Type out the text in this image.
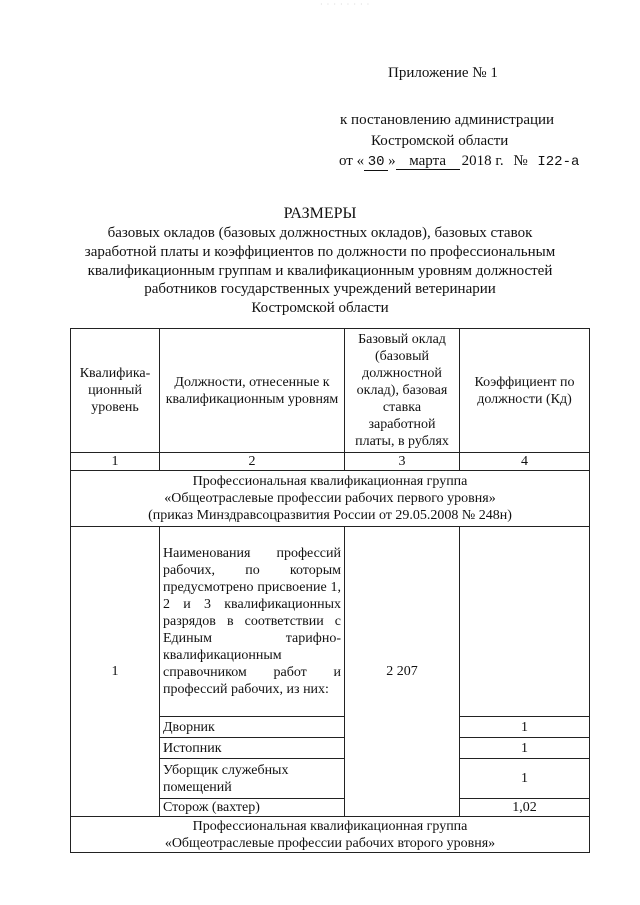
· · · · · · · ·
Приложение № 1
к постановлению администрации
Костромской области
от « 30 » марта 2018 г. № I22-а
РАЗМЕРЫ
базовых окладов (базовых должностных окладов), базовых ставок
заработной платы и коэффициентов по должности по профессиональным
квалификационным группам и квалификационным уровням должностей
работников государственных учреждений ветеринарии
Костромской области
Квалифика- ционный уровень	Должности, отнесенные к квалификационным уровням	Базовый оклад (базовый должностной оклад), базовая ставка заработной платы, в рублях	Коэффициент по должности (Кд)
1	2	3	4

Профессиональная квалификационная группа
«Общеотраслевые профессии рабочих первого уровня»
(приказ Минздравсоцразвития России от 29.05.2008 № 248н)			

1	Наименования профессий рабочих, по которым предусмотрено присвоение 1, 2 и 3 квалификационных разрядов в соответствии с Единым тарифно-квалификационным справочником работ и профессий рабочих, из них:	2 207	
	Дворник		1
	Истопник		1
	Уборщик служебных помещений		1
	Сторож (вахтер)		1,02

Профессиональная квалификационная группа
«Общеотраслевые профессии рабочих второго уровня»			
